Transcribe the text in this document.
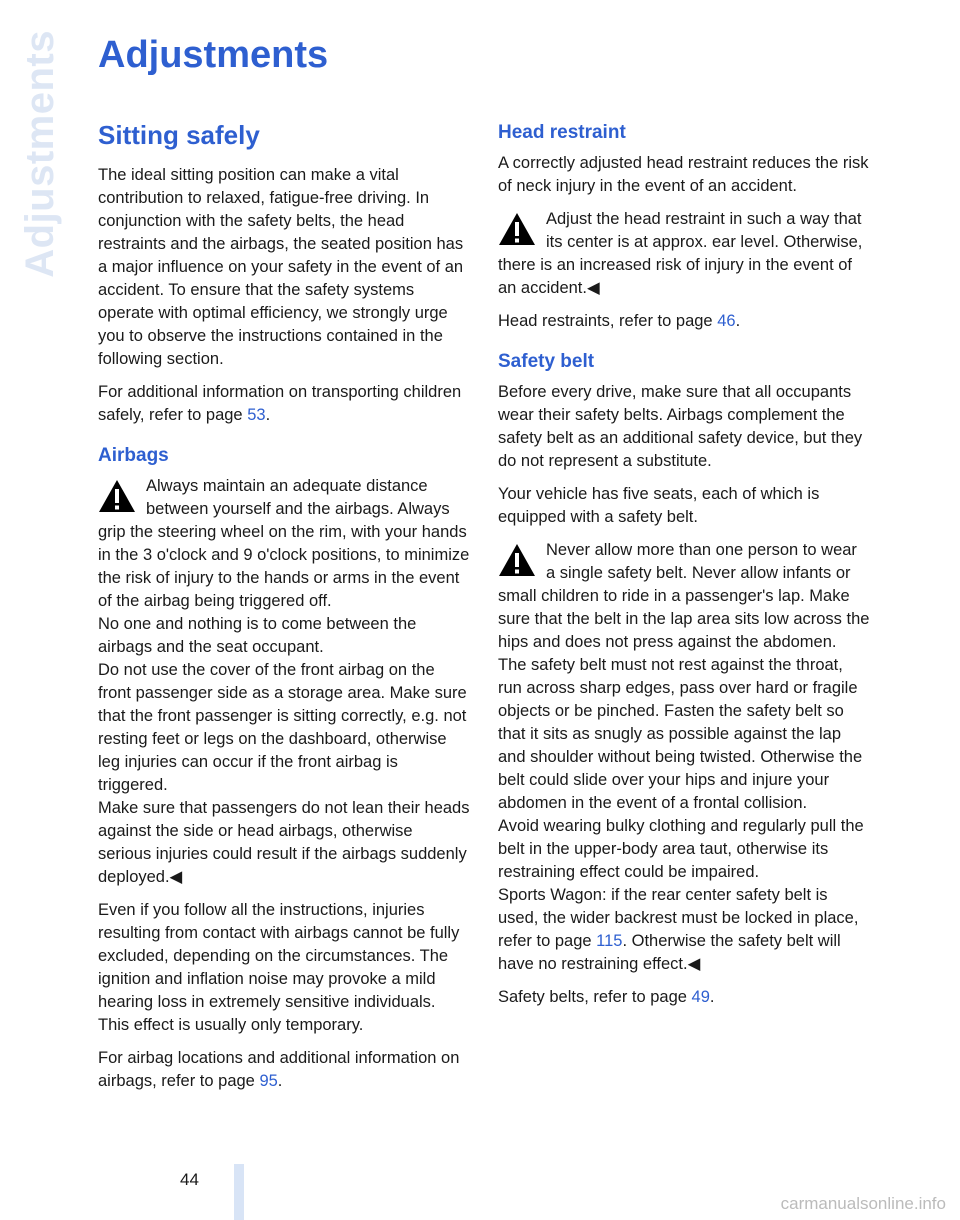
Adjustments Adjustments
Sitting safely

The ideal sitting position can make a vital contribution to relaxed, fatigue-free driving. In conjunction with the safety belts, the head restraints and the airbags, the seated position has a major influence on your safety in the event of an accident. To ensure that the safety systems operate with optimal efficiency, we strongly urge you to observe the instructions contained in the following section.

For additional information on transporting children safely, refer to page 53.

Airbags
Always maintain an adequate distance between yourself and the airbags. Always grip the steering wheel on the rim, with your hands in the 3 o'clock and 9 o'clock positions, to minimize the risk of injury to the hands or arms in the event of the airbag being triggered off.
No one and nothing is to come between the airbags and the seat occupant.
Do not use the cover of the front airbag on the front passenger side as a storage area. Make sure that the front passenger is sitting correctly, e.g. not resting feet or legs on the dashboard, otherwise leg injuries can occur if the front airbag is triggered.
Make sure that passengers do not lean their heads against the side or head airbags, otherwise serious injuries could result if the airbags suddenly deployed.◀

Even if you follow all the instructions, injuries resulting from contact with airbags cannot be fully excluded, depending on the circumstances. The ignition and inflation noise may provoke a mild hearing loss in extremely sensitive individuals. This effect is usually only temporary.

For airbag locations and additional information on airbags, refer to page 95.

Head restraint

A correctly adjusted head restraint reduces the risk of neck injury in the event of an accident.

Adjust the head restraint in such a way that its center is at approx. ear level. Otherwise, there is an increased risk of injury in the event of an accident.◀

Head restraints, refer to page 46.

Safety belt

Before every drive, make sure that all occupants wear their safety belts. Airbags complement the safety belt as an additional safety device, but they do not represent a substitute.

Your vehicle has five seats, each of which is equipped with a safety belt.

Never allow more than one person to wear a single safety belt. Never allow infants or small children to ride in a passenger's lap. Make sure that the belt in the lap area sits low across the hips and does not press against the abdomen.
The safety belt must not rest against the throat, run across sharp edges, pass over hard or fragile objects or be pinched. Fasten the safety belt so that it sits as snugly as possible against the lap and shoulder without being twisted. Otherwise the belt could slide over your hips and injure your abdomen in the event of a frontal collision.
Avoid wearing bulky clothing and regularly pull the belt in the upper-body area taut, otherwise its restraining effect could be impaired.
Sports Wagon: if the rear center safety belt is used, the wider backrest must be locked in place, refer to page 115. Otherwise the safety belt will have no restraining effect.◀

Safety belts, refer to page 49.

44
carmanualsonline.info
